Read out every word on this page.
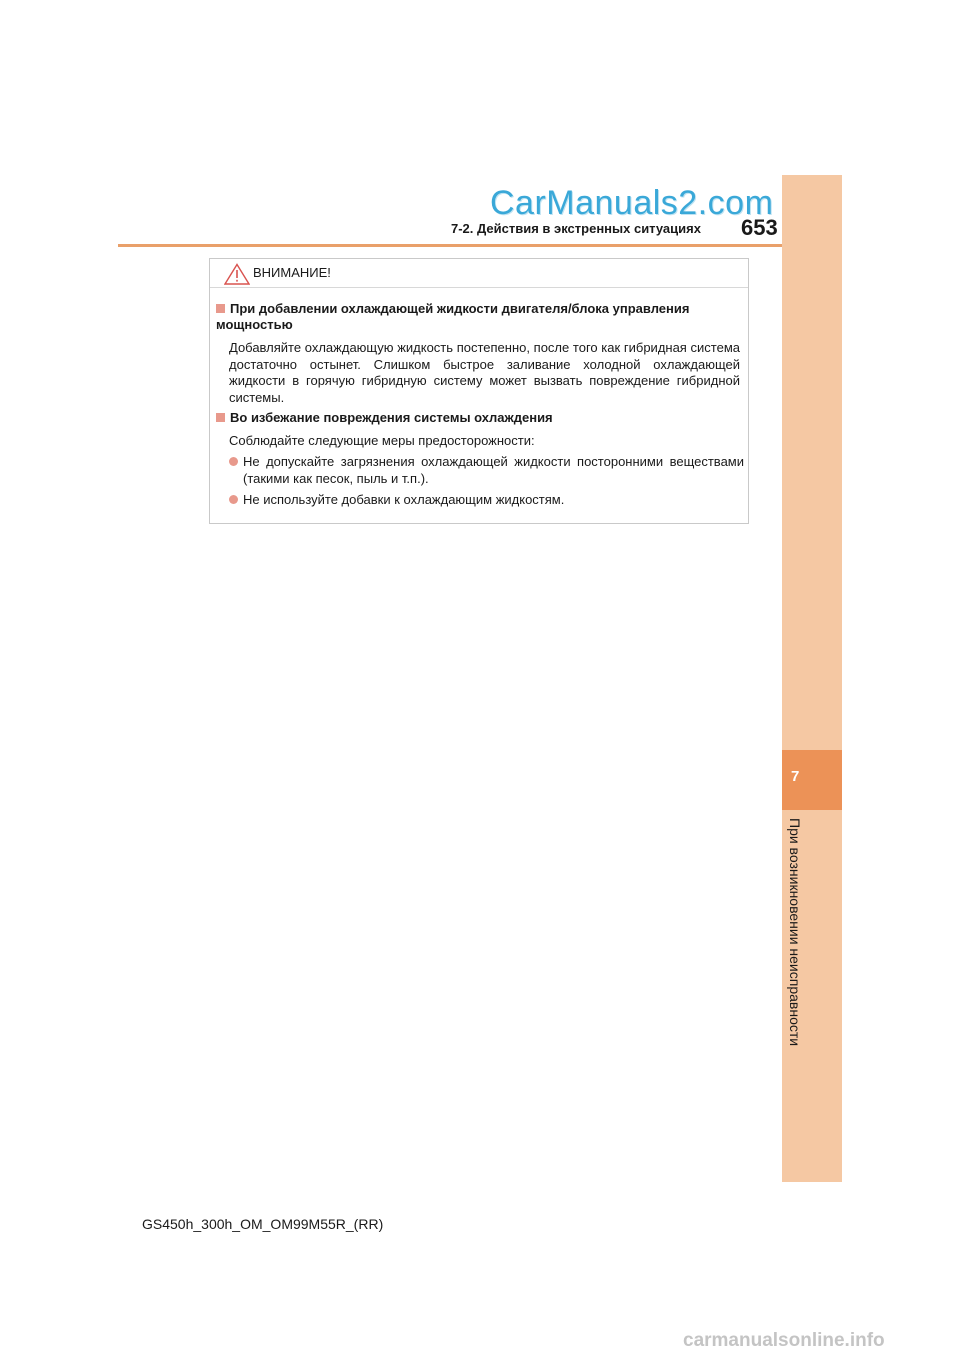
CarManuals2.com
7-2. Действия в экстренных ситуациях 653
7
При возникновении неисправности
ВНИМАНИЕ!
При добавлении охлаждающей жидкости двигателя/блока управления мощностью
Добавляйте охлаждающую жидкость постепенно, после того как гибридная система достаточно остынет. Слишком быстрое заливание холодной охлаждающей жидкости в горячую гибридную систему может вызвать повреждение гибридной системы.
Во избежание повреждения системы охлаждения
Соблюдайте следующие меры предосторожности:
Не допускайте загрязнения охлаждающей жидкости посторонними веществами (такими как песок, пыль и т.п.).
Не используйте добавки к охлаждающим жидкостям.
GS450h_300h_OM_OM99M55R_(RR)
carmanualsonline.info
